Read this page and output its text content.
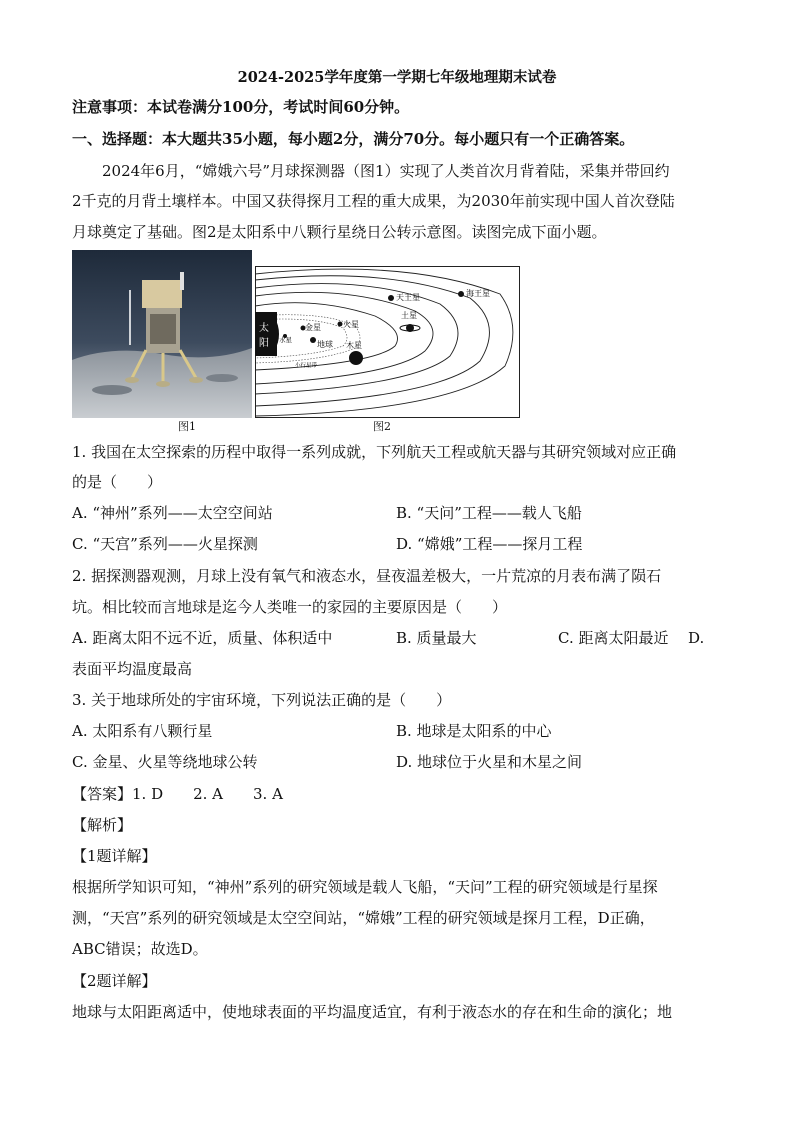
2024-2025学年度第一学期七年级地理期末试卷
注意事项：本试卷满分100分，考试时间60分钟。
一、选择题：本大题共35小题，每小题2分，满分70分。每小题只有一个正确答案。
2024年6月，“嫦娥六号”月球探测器（图1）实现了人类首次月背着陆，采集并带回约
2千克的月背土壤样本。中国又获得探月工程的重大成果，为2030年前实现中国人首次登陆
月球奠定了基础。图2是太阳系中八颗行星绕日公转示意图。读图完成下面小题。
图1
太
阳 水星
金星
地球
火星
小行星带
木星
土星
天王星	海王星
图2
1. 我国在太空探索的历程中取得一系列成就，下列航天工程或航天器与其研究领域对应正确
的是（　　）
A. “神州”系列——太空空间站	B. “天问”工程——载人飞船
C. “天宫”系列——火星探测	D. “嫦娥”工程——探月工程
2. 据探测器观测，月球上没有氧气和液态水，昼夜温差极大，一片荒凉的月表布满了陨石
坑。相比较而言地球是迄今人类唯一的家园的主要原因是（　　）
A. 距离太阳不远不近，质量、体积适中	B. 质量最大	C. 距离太阳最近 D.
表面平均温度最高
3. 关于地球所处的宇宙环境，下列说法正确的是（　　）
A. 太阳系有八颗行星	B. 地球是太阳系的中心
C. 金星、火星等绕地球公转	D. 地球位于火星和木星之间
【答案】1. D　　2. A　　3. A
【解析】
【1题详解】
根据所学知识可知，“神州”系列的研究领域是载人飞船，“天问”工程的研究领域是行星探
测，“天宫”系列的研究领域是太空空间站，“嫦娥”工程的研究领域是探月工程，D正确，
ABC错误；故选D。
【2题详解】
地球与太阳距离适中，使地球表面的平均温度适宜，有利于液态水的存在和生命的演化；地
